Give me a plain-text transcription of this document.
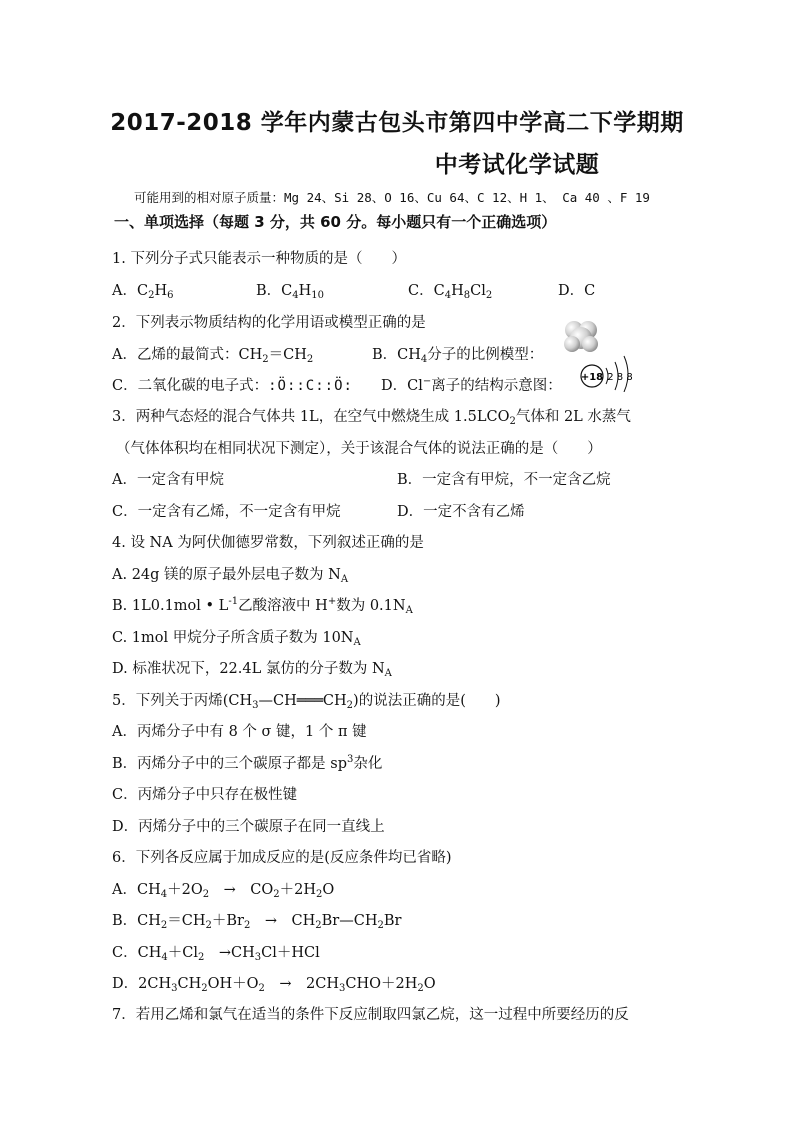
2017-2018 学年内蒙古包头市第四中学高二下学期期
中考试化学试题
可能用到的相对原子质量：Mg 24、Si 28、O 16、Cu 64、C 12、H 1、 Ca 40 、F 19
一、单项选择（每题 3 分，共 60 分。每小题只有一个正确选项）
1. 下列分子式只能表示一种物质的是（　　）
A．$C_2H_6$	B．$C_4H_{10}$	C．$C_4H_8Cl_2$	D．C
2．下列表示物质结构的化学用语或模型正确的是
A．乙烯的最简式：$CH_2=CH_2$	B．$CH_4$分子的比例模型：
C．二氧化碳的电子式：:Ö::C::Ö: D．Cl−离子的结构示意图：
+18 2 8 8
3．两种气态烃的混合气体共 1L，在空气中燃烧生成 $1.5LCO_2$气体和 2L 水蒸气
（气体体积均在相同状况下测定），关于该混合气体的说法正确的是（　　）
A．一定含有甲烷	B．一定含有甲烷，不一定含乙烷
C．一定含有乙烯，不一定含有甲烷	D．一定不含有乙烯
4. 设 NA 为阿伏伽德罗常数，下列叙述正确的是
A. 24g 镁的原子最外层电子数为 $N_A$
B. 1L0.1mol • $L^{-1}$乙酸溶液中 H+数为 $0.1N_A$
C. 1mol 甲烷分子所含质子数为 $10N_A$
D. 标准状况下，22.4L 氯仿的分子数为 $N_A$
5．下列关于丙烯$(CH_3—CH═══CH_2)$的说法正确的是(　　)
A．丙烯分子中有 8 个 σ 键，1 个 π 键
B．丙烯分子中的三个碳原子都是 $sp^3$杂化
C．丙烯分子中只存在极性键
D．丙烯分子中的三个碳原子在同一直线上
6．下列各反应属于加成反应的是(反应条件均已省略)
A．$CH_4+2O_2$　→　$CO_2+2H_2O$
B．$CH_2=CH_2+Br_2$　→　$CH_2Br—CH_2Br$
C．$CH_4+Cl_2$　$\to CH_3Cl+HCl$
D．$2CH_3CH_2OH+O_2$　→　$2CH_3CHO+2H_2O$
7．若用乙烯和氯气在适当的条件下反应制取四氯乙烷，这一过程中所要经历的反
